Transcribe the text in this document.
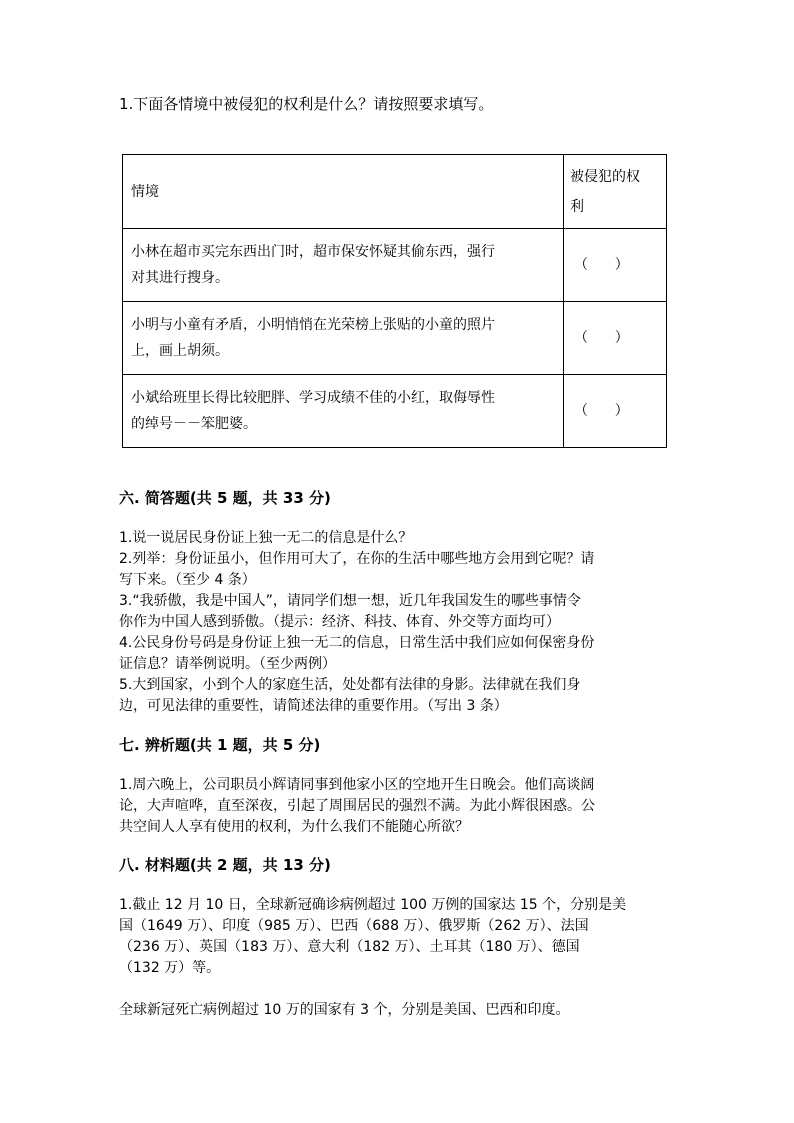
1.下面各情境中被侵犯的权利是什么？请按照要求填写。
情境	被侵犯的权
利

小林在超市买完东西出门时，超市保安怀疑其偷东西，强行
对其进行搜身。	（      ）

小明与小童有矛盾，小明悄悄在光荣榜上张贴的小童的照片
上，画上胡须。	（      ）

小斌给班里长得比较肥胖、学习成绩不佳的小红，取侮辱性
的绰号－－笨肥婆。	（      ）
六. 简答题(共 5 题，共 33 分)
1.说一说居民身份证上独一无二的信息是什么？
2.列举：身份证虽小，但作用可大了，在你的生活中哪些地方会用到它呢？请
写下来。（至少 4 条）
3.“我骄傲，我是中国人”，请同学们想一想，近几年我国发生的哪些事情令
你作为中国人感到骄傲。（提示：经济、科技、体育、外交等方面均可）
4.公民身份号码是身份证上独一无二的信息，日常生活中我们应如何保密身份
证信息？请举例说明。（至少两例）
5.大到国家，小到个人的家庭生活，处处都有法律的身影。法律就在我们身
边，可见法律的重要性，请简述法律的重要作用。（写出 3 条）
七. 辨析题(共 1 题，共 5 分)
1.周六晚上，公司职员小辉请同事到他家小区的空地开生日晚会。他们高谈阔
论，大声喧哗，直至深夜，引起了周围居民的强烈不满。为此小辉很困惑。公
共空间人人享有使用的权利，为什么我们不能随心所欲？
八. 材料题(共 2 题，共 13 分)
1.截止 12 月 10 日，全球新冠确诊病例超过 100 万例的国家达 15 个，分别是美
国（1649 万）、印度（985 万）、巴西（688 万）、俄罗斯（262 万）、法国
（236 万）、英国（183 万）、意大利（182 万）、土耳其（180 万）、德国
（132 万）等。
全球新冠死亡病例超过 10 万的国家有 3 个，分别是美国、巴西和印度。
